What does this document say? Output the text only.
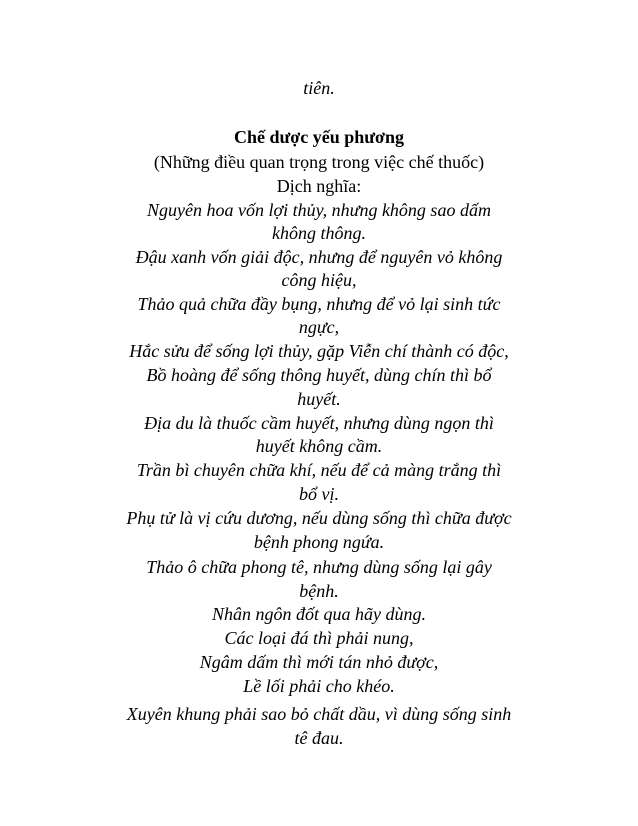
tiên.
Chế dược yếu phương
(Những điều quan trọng trong việc chế thuốc)
Dịch nghĩa:
Nguyên hoa vốn lợi thủy, nhưng không sao dấm
không thông.
Đậu xanh vốn giải độc, nhưng để nguyên vỏ không
công hiệu,
Thảo quả chữa đầy bụng, nhưng để vỏ lại sinh tức
ngực,
Hắc sửu để sống lợi thủy, gặp Viễn chí thành có độc,
Bồ hoàng để sống thông huyết, dùng chín thì bổ
huyết.
Địa du là thuốc cầm huyết, nhưng dùng ngọn thì
huyết không cầm.
Trần bì chuyên chữa khí, nếu để cả màng trắng thì
bổ vị.
Phụ tử là vị cứu dương, nếu dùng sống thì chữa được
bệnh phong ngứa.
Thảo ô chữa phong tê, nhưng dùng sống lại gây
bệnh.
Nhân ngôn đốt qua hãy dùng.
Các loại đá thì phải nung,
Ngâm dấm thì mới tán nhỏ được,
Lề lối phải cho khéo.
Xuyên khung phải sao bỏ chất dầu, vì dùng sống sinh
tê đau.
